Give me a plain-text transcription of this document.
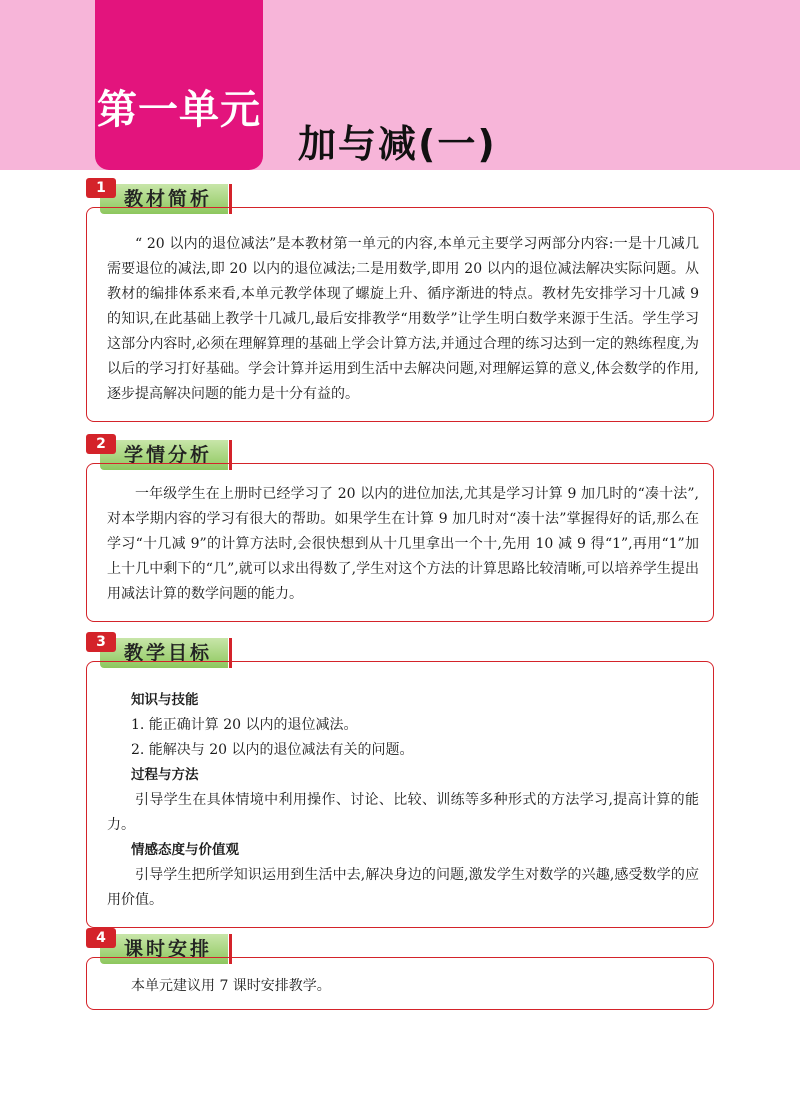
第一单元
加与减(一)
教材简析
1

“ 20 以内的退位减法”是本教材第一单元的内容,本单元主要学习两部分内容:一是十几减几需要退位的减法,即 20 以内的退位减法;二是用数学,即用 20 以内的退位减法解决实际问题。从教材的编排体系来看,本单元教学体现了螺旋上升、循序渐进的特点。教材先安排学习十几减 9 的知识,在此基础上教学十几减几,最后安排教学“用数学”让学生明白数学来源于生活。学生学习这部分内容时,必须在理解算理的基础上学会计算方法,并通过合理的练习达到一定的熟练程度,为以后的学习打好基础。学会计算并运用到生活中去解决问题,对理解运算的意义,体会数学的作用,逐步提高解决问题的能力是十分有益的。

学情分析
2

一年级学生在上册时已经学习了 20 以内的进位加法,尤其是学习计算 9 加几时的“凑十法”,对本学期内容的学习有很大的帮助。如果学生在计算 9 加几时对“凑十法”掌握得好的话,那么在学习“十几减 9”的计算方法时,会很快想到从十几里拿出一个十,先用 10 减 9 得“1”,再用“1”加上十几中剩下的“几”,就可以求出得数了,学生对这个方法的计算思路比较清晰,可以培养学生提出用减法计算的数学问题的能力。

教学目标
3
知识与技能
1. 能正确计算 20 以内的退位减法。
2. 能解决与 20 以内的退位减法有关的问题。
过程与方法

引导学生在具体情境中利用操作、讨论、比较、训练等多种形式的方法学习,提高计算的能力。

情感态度与价值观

引导学生把所学知识运用到生活中去,解决身边的问题,激发学生对数学的兴趣,感受数学的应用价值。

课时安排
4
本单元建议用 7 课时安排教学。
